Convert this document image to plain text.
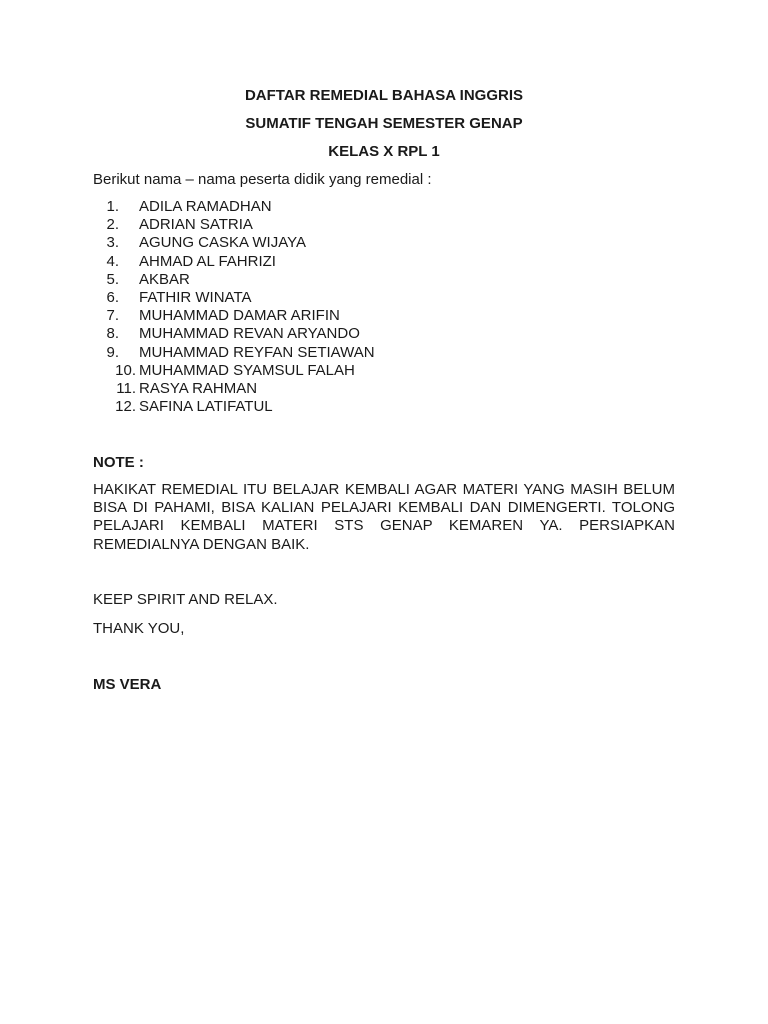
DAFTAR REMEDIAL BAHASA INGGRIS
SUMATIF TENGAH SEMESTER GENAP
KELAS X RPL 1
Berikut nama – nama peserta didik yang remedial :
1. ADILA RAMADHAN
2. ADRIAN SATRIA
3. AGUNG CASKA WIJAYA
4. AHMAD AL FAHRIZI
5. AKBAR
6. FATHIR WINATA
7. MUHAMMAD DAMAR ARIFIN
8. MUHAMMAD REVAN ARYANDO
9. MUHAMMAD REYFAN SETIAWAN
10. MUHAMMAD SYAMSUL FALAH
11. RASYA RAHMAN
12. SAFINA LATIFATUL
NOTE :
HAKIKAT REMEDIAL ITU BELAJAR KEMBALI AGAR MATERI YANG MASIH BELUM BISA DI PAHAMI, BISA KALIAN PELAJARI KEMBALI DAN DIMENGERTI. TOLONG PELAJARI KEMBALI MATERI STS GENAP KEMAREN YA. PERSIAPKAN REMEDIALNYA DENGAN BAIK.
KEEP SPIRIT AND RELAX.
THANK YOU,
MS VERA
